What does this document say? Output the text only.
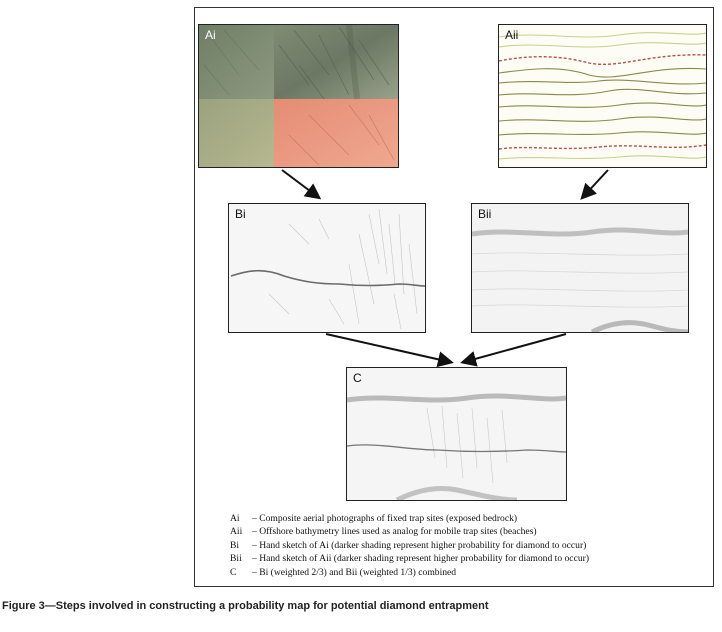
Ai	Aii
Bi	Bii
C
Ai – Composite aerial photographs of fixed trap sites (exposed bedrock)
Aii – Offshore bathymetry lines used as analog for mobile trap sites (beaches)
Bi – Hand sketch of Ai (darker shading represent higher probability for diamond to occur)
Bii – Hand sketch of Aii (darker shading represent higher probability for diamond to occur)
C – Bi (weighted 2/3) and Bii (weighted 1/3) combined
Figure 3—Steps involved in constructing a probability map for potential diamond entrapment
